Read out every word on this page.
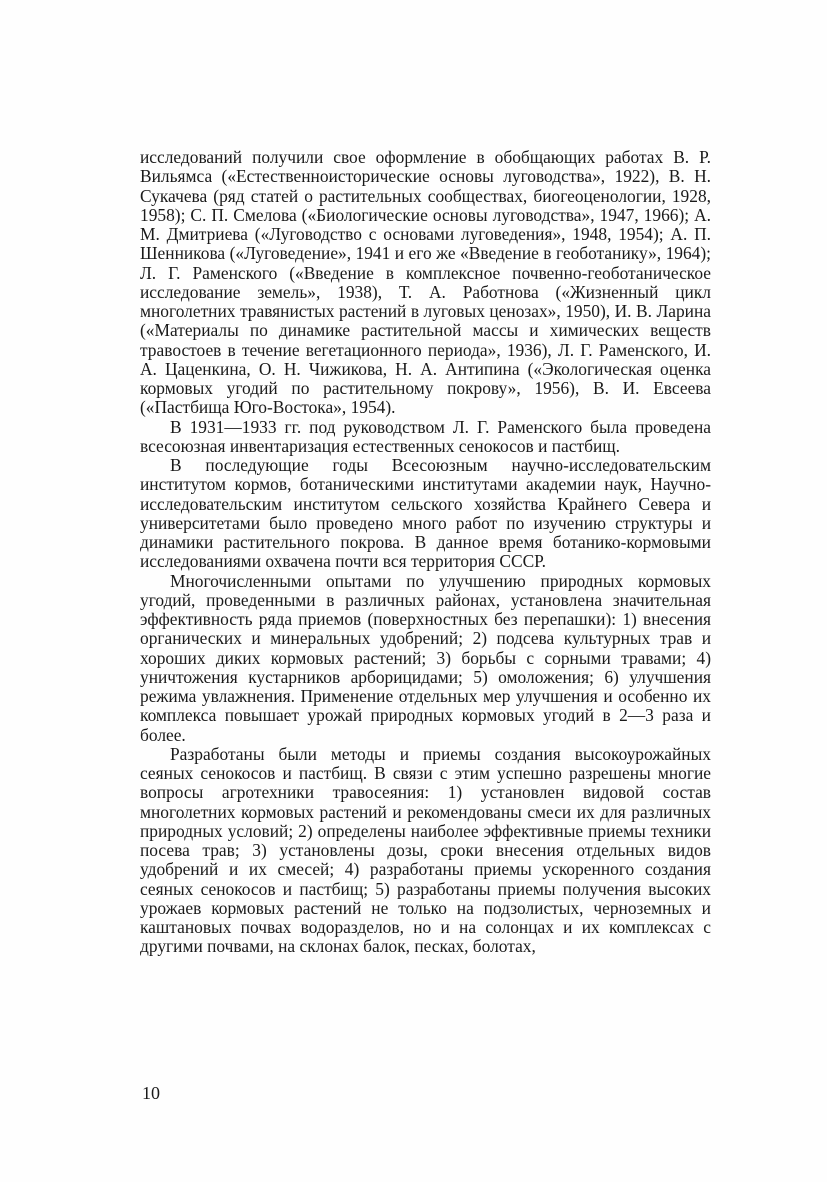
исследований получили свое оформление в обобщающих работах В. Р. Вильямса («Естественноисторические основы луговодства», 1922), В. Н. Сукачева (ряд статей о растительных сообществах, биогеоценологии, 1928, 1958); С. П. Смелова («Биологические основы луговодства», 1947, 1966); А. М. Дмитриева («Луговодство с основами луговедения», 1948, 1954); А. П. Шенникова («Луговедение», 1941 и его же «Введение в геоботанику», 1964); Л. Г. Раменского («Введение в комплексное почвенно-геоботаническое исследование земель», 1938), Т. А. Работнова («Жизненный цикл многолетних травянистых растений в луговых ценозах», 1950), И. В. Ларина («Материалы по динамике растительной массы и химических веществ травостоев в течение вегетационного периода», 1936), Л. Г. Раменского, И. А. Цаценкина, О. Н. Чижикова, Н. А. Антипина («Экологическая оценка кормовых угодий по растительному покрову», 1956), В. И. Евсеева («Пастбища Юго-Востока», 1954).

В 1931—1933 гг. под руководством Л. Г. Раменского была проведена всесоюзная инвентаризация естественных сенокосов и пастбищ.

В последующие годы Всесоюзным научно-исследовательским институтом кормов, ботаническими институтами академии наук, Научно-исследовательским институтом сельского хозяйства Крайнего Севера и университетами было проведено много работ по изучению структуры и динамики растительного покрова. В данное время ботанико-кормовыми исследованиями охвачена почти вся территория СССР.

Многочисленными опытами по улучшению природных кормовых угодий, проведенными в различных районах, установлена значительная эффективность ряда приемов (поверхностных без перепашки): 1) внесения органических и минеральных удобрений; 2) подсева культурных трав и хороших диких кормовых растений; 3) борьбы с сорными травами; 4) уничтожения кустарников арборицидами; 5) омоложения; 6) улучшения режима увлажнения. Применение отдельных мер улучшения и особенно их комплекса повышает урожай природных кормовых угодий в 2—3 раза и более.

Разработаны были методы и приемы создания высокоурожайных сеяных сенокосов и пастбищ. В связи с этим успешно разрешены многие вопросы агротехники травосеяния: 1) установлен видовой состав многолетних кормовых растений и рекомендованы смеси их для различных природных условий; 2) определены наиболее эффективные приемы техники посева трав; 3) установлены дозы, сроки внесения отдельных видов удобрений и их смесей; 4) разработаны приемы ускоренного создания сеяных сенокосов и пастбищ; 5) разработаны приемы получения высоких урожаев кормовых растений не только на подзолистых, черноземных и каштановых почвах водоразделов, но и на солонцах и их комплексах с другими почвами, на склонах балок, песках, болотах,

10
